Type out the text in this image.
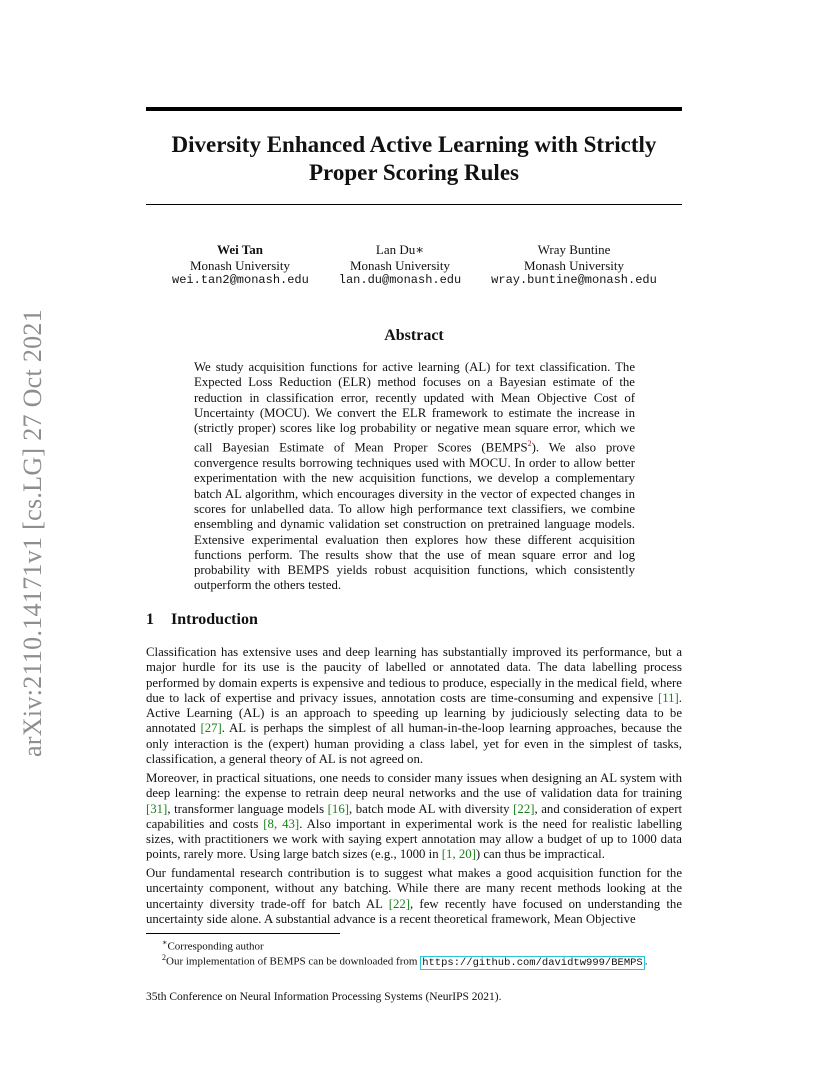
arXiv:2110.14171v1 [cs.LG] 27 Oct 2021
Diversity Enhanced Active Learning with Strictly
Proper Scoring Rules
Wei Tan
Monash University
wei.tan2@monash.edu
Lan Du∗
Monash University
lan.du@monash.edu
Wray Buntine
Monash University
wray.buntine@monash.edu
Abstract

We study acquisition functions for active learning (AL) for text classification. The Expected Loss Reduction (ELR) method focuses on a Bayesian estimate of the reduction in classification error, recently updated with Mean Objective Cost of Uncertainty (MOCU). We convert the ELR framework to estimate the increase in (strictly proper) scores like log probability or negative mean square error, which we call Bayesian Estimate of Mean Proper Scores (BEMPS$^2$). We also prove convergence results borrowing techniques used with MOCU. In order to allow better experimentation with the new acquisition functions, we develop a complementary batch AL algorithm, which encourages diversity in the vector of expected changes in scores for unlabelled data. To allow high performance text classifiers, we combine ensembling and dynamic validation set construction on pretrained language models. Extensive experimental evaluation then explores how these different acquisition functions perform. The results show that the use of mean square error and log probability with BEMPS yields robust acquisition functions, which consistently outperform the others tested.

1 Introduction

Classification has extensive uses and deep learning has substantially improved its performance, but a major hurdle for its use is the paucity of labelled or annotated data. The data labelling process performed by domain experts is expensive and tedious to produce, especially in the medical field, where due to lack of expertise and privacy issues, annotation costs are time-consuming and expensive [11]. Active Learning (AL) is an approach to speeding up learning by judiciously selecting data to be annotated [27]. AL is perhaps the simplest of all human-in-the-loop learning approaches, because the only interaction is the (expert) human providing a class label, yet for even in the simplest of tasks, classification, a general theory of AL is not agreed on.

Moreover, in practical situations, one needs to consider many issues when designing an AL system with deep learning: the expense to retrain deep neural networks and the use of validation data for training [31], transformer language models [16], batch mode AL with diversity [22], and consideration of expert capabilities and costs [8, 43]. Also important in experimental work is the need for realistic labelling sizes, with practitioners we work with saying expert annotation may allow a budget of up to 1000 data points, rarely more. Using large batch sizes (e.g., 1000 in [1, 20]) can thus be impractical.

Our fundamental research contribution is to suggest what makes a good acquisition function for the uncertainty component, without any batching. While there are many recent methods looking at the uncertainty diversity trade-off for batch AL [22], few recently have focused on understanding the uncertainty side alone. A substantial advance is a recent theoretical framework, Mean Objective

∗Corresponding author
$^2$Our implementation of BEMPS can be downloaded from https://github.com/davidtw999/BEMPS .
35th Conference on Neural Information Processing Systems (NeurIPS 2021).
